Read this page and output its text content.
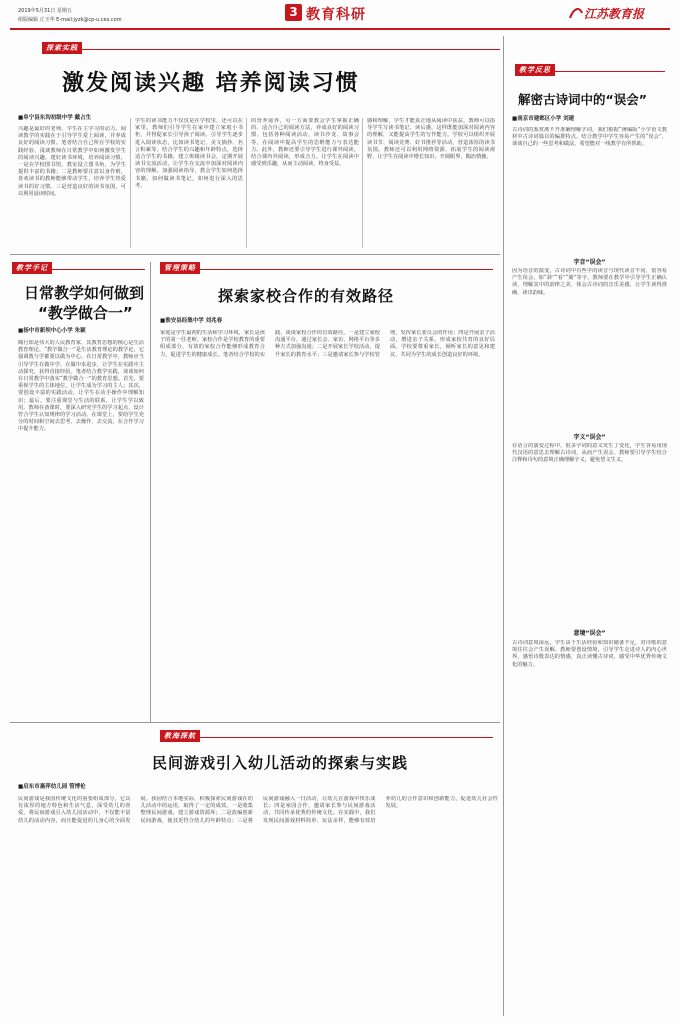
2019年5月31日 星期五
组版编辑 丘玉华 E-mail:jyzk@cp-u.ces.com
3 教育科研	江苏教育报
探索实践
激发阅读兴趣 培养阅读习惯
■阜宁县东沟初级中学 戴占生
兴趣是最好的老师。学生在主学习的动力。阅读教学的实践在于引导学生爱上阅读，并养成良好的阅读习惯。笔者结合自己所在学校的实践经验，浅谈教师在日常教学中如何激发学生的阅读兴趣。建好读书环境，培养阅读习惯，一是在学校图书馆、教室设立图书角，为学生提供丰富的书籍；二是教师要注意以身作则，喜欢读书的教师能够带动学生，培养学生热爱读书的好习惯。三是营造良好的读书氛围，可以利用晨读时间。
学生的读书能力不仅仅是在学校里，还可以在家里。教师们引导学生在家中建立家庭小书柜，并督促家长引导孩子阅读。引导学生逐步进入阅读状态，比如读书笔记、美文摘抄、名言积累等。结合学生的兴趣和年龄特点，选择适合学生的书籍，建立班级读书会，定期开展读书交流活动，让学生在交流中加深对阅读内容的理解。加强阅读指导，教会学生如何选择书籍，如何做读书笔记，如何进行深入的思考。
的营养滋养，另一方面要教会学生掌握正确的、适合自己的阅读方法，养成良好的阅读习惯。包括各种阅读活动，读书沙龙、故事会等，在阅读中提高学生的思维能力与表达能力。此外，教师还要引导学生进行课外阅读，结合课内外阅读，形成合力。让学生在阅读中感受到乐趣，从而主动阅读，终身受益。
感和理解，学生才能真正地从阅读中获益。教师可以指导学生写读书笔记、读后感，这样既能加深对阅读内容的理解，又能提高学生的写作能力。学校可以组织开展读书节、阅读竞赛、好书推荐等活动，营造浓厚的读书氛围。教师还可以利用网络资源，拓展学生的阅读视野，让学生在阅读中增长知识，开阔眼界，陶冶情操。
教学反思
解密古诗词中的“误会”
■南京市建邺区小学 刘建
古诗词的鉴赏离不开准确理解字词。我们根据“统编版”小学语文教材中古诗词篇目的编排特点，结合教学中学生容易产生的“误会”，谈谈自己的一些思考和做法，希望能对一线教学有所帮助。
字音“误会”
因为语音的演变，古诗词中有些字的读音与现代读音不同，很容易产生误会。如“斜”“看”“骑”等字，教师要在教学中引导学生正确认读，理解其中的韵律之美，体会古诗词的音乐美感，让学生读得准确，读出韵味。
字义“误会”
在语言的演变过程中，很多字词的意义发生了变化，学生容易用现代汉语的意思去理解古诗词，从而产生误会。教师要引导学生结合注释和诗句的意境正确理解字义，避免望文生义。
意境“误会”
古诗词意境深远，学生由于生活经验和知识储备不足，对诗歌的意境往往会产生误解。教师要创设情境，引导学生走进诗人的内心世界，感悟诗歌表达的情感，真正读懂古诗词，感受中华优秀传统文化的魅力。
教学手记
日常教学如何做到
“教学做合一”
■扬中市新坝中心小学 朱颖
陶行知是伟大的人民教育家，其教育思想的核心是生活教育理论。“教学做合一”是生活教育理论的教学论，它强调教与学都要以做为中心。在日常教学中，教师应当引导学生在做中学、在做中求进步，让学生在实践中主动探究，获得直接经验。笔者结合教学实践，谈谈如何在日常教学中落实“教学做合一”的教育思想。首先，要重视学生的主体地位，让学生成为学习的主人；其次，要创设丰富的实践活动，让学生在动手操作中理解知识；最后，要注重课堂与生活的联系，让学生学以致用。教师在备课时，要深入研究学生的学习起点，设计符合学生认知规律的学习活动。在课堂上，要给学生充分的时间和空间去思考、去操作、去交流，在合作学习中提升能力。
管理策略
探索家校合作的有效路径
■淮安县经集中学 刘兆春
家庭是学生最初的生活和学习环境，家长是孩子的第一任老师。家校合作是学校教育的重要组成部分，有效的家校合作能够形成教育合力，促进学生的健康成长。笔者结合学校的实践，谈谈家校合作的有效路径。一是建立家校沟通平台，通过家长会、家访、网络平台等多种方式加强沟通；二是开展家长学校活动，提升家长的教育水平；三是邀请家长参与学校管理，发挥家长委员会的作用；四是开展亲子活动，增进亲子关系，形成家校共育的良好局面。学校要尊重家长，倾听家长的意见和建议，共同为学生的成长创造良好的环境。
教海探航
民间游戏引入幼儿活动的探索与实践
■启东市惠萍幼儿园 管博伦
民间游戏是我国传统文化的重要组成部分，它具有浓厚的地方特色和生活气息，深受幼儿的喜爱。将民间游戏引入幼儿园活动中，不仅能丰富幼儿的活动内容，而且能促进幼儿身心的全面发展。我园结合本地实际，积极探索民间游戏在幼儿活动中的运用，取得了一定的成效。一是收集整理民间游戏，建立游戏资源库；二是改编创新民间游戏，使其更符合幼儿的年龄特点；三是将民间游戏融入一日活动，让幼儿在游戏中快乐成长；四是家园合作，邀请家长参与民间游戏活动，共同传承优秀的传统文化。在实践中，我们发现民间游戏材料简单、玩法多样，能够有效培养幼儿的合作意识和创新能力，促进幼儿社会性发展。
